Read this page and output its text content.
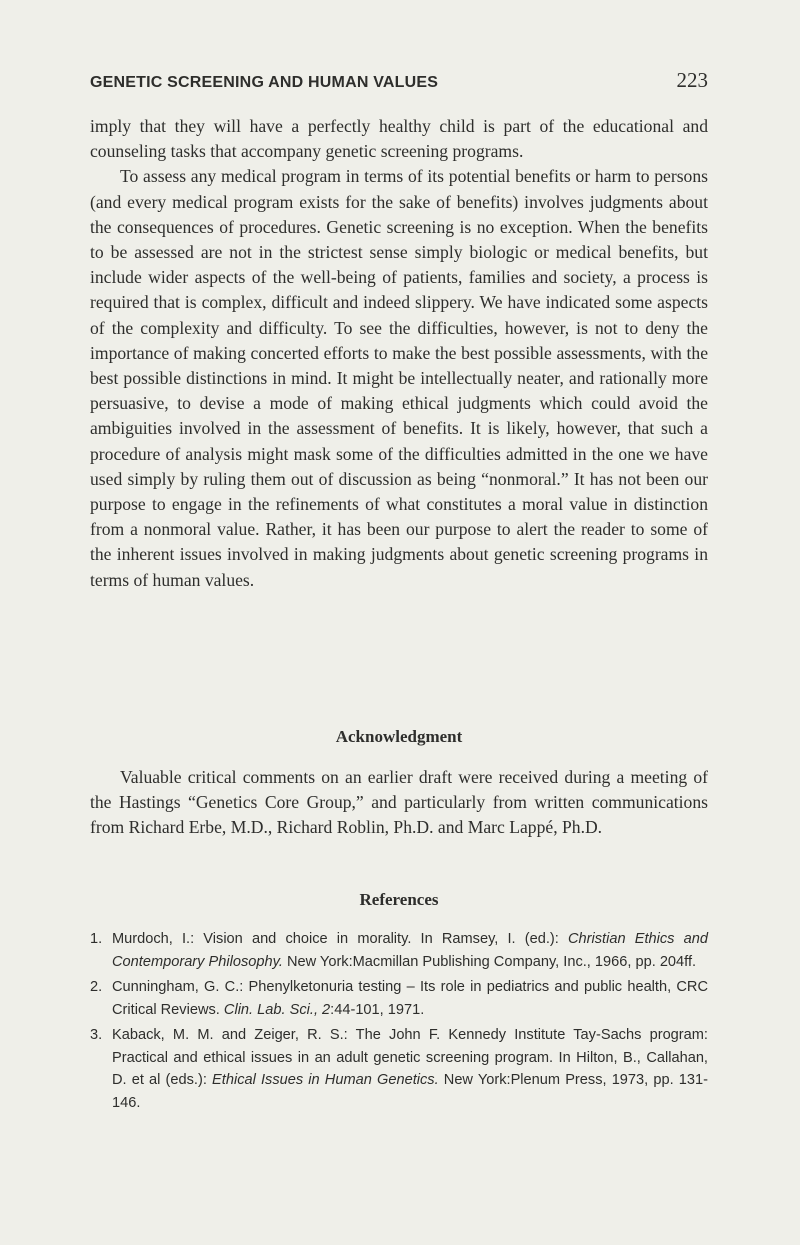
GENETIC SCREENING AND HUMAN VALUES	223

imply that they will have a perfectly healthy child is part of the educational and counseling tasks that accompany genetic screening programs.

To assess any medical program in terms of its potential benefits or harm to persons (and every medical program exists for the sake of benefits) involves judgments about the consequences of procedures. Genetic screening is no exception. When the benefits to be assessed are not in the strictest sense simply biologic or medical benefits, but include wider aspects of the well-being of patients, families and society, a process is required that is complex, difficult and indeed slippery. We have indicated some aspects of the complexity and difficulty. To see the difficulties, however, is not to deny the importance of making concerted efforts to make the best possible assessments, with the best possible distinctions in mind. It might be intellectually neater, and rationally more persuasive, to devise a mode of making ethical judgments which could avoid the ambiguities involved in the assessment of benefits. It is likely, however, that such a procedure of analysis might mask some of the difficulties admitted in the one we have used simply by ruling them out of discussion as being “nonmoral.” It has not been our purpose to engage in the refinements of what constitutes a moral value in distinction from a nonmoral value. Rather, it has been our purpose to alert the reader to some of the inherent issues involved in making judgments about genetic screening programs in terms of human values.

Acknowledgment

Valuable critical comments on an earlier draft were received during a meeting of the Hastings “Genetics Core Group,” and particularly from written communications from Richard Erbe, M.D., Richard Roblin, Ph.D. and Marc Lappé, Ph.D.

References
1. Murdoch, I.: Vision and choice in morality. In Ramsey, I. (ed.): Christian Ethics and Contemporary Philosophy. New York:Macmillan Publishing Company, Inc., 1966, pp. 204ff.
2. Cunningham, G. C.: Phenylketonuria testing – Its role in pediatrics and public health, CRC Critical Reviews. Clin. Lab. Sci., 2:44-101, 1971.
3. Kaback, M. M. and Zeiger, R. S.: The John F. Kennedy Institute Tay-Sachs program: Practical and ethical issues in an adult genetic screening program. In Hilton, B., Callahan, D. et al (eds.): Ethical Issues in Human Genetics. New York:Plenum Press, 1973, pp. 131-146.
